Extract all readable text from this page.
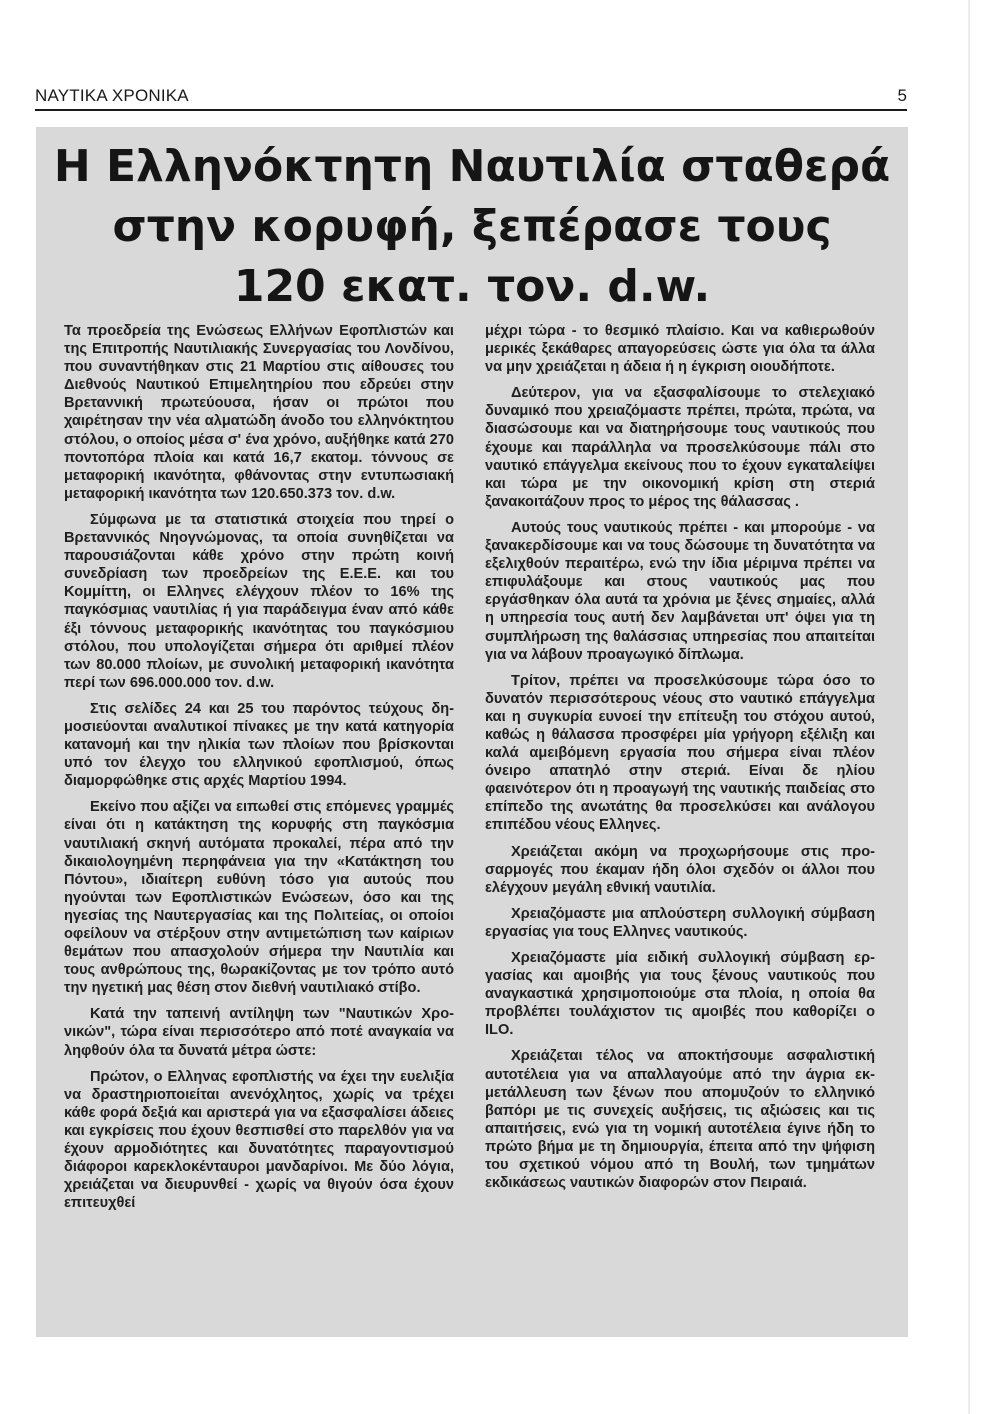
ΝΑΥΤΙΚΑ ΧΡΟΝΙΚΑ	5
Η Ελληνόκτητη Ναυτιλία σταθερά
στην κορυφή, ξεπέρασε τους
120 εκατ. τον. d.w.

Τα προεδρεία της Ενώσεως Ελλήνων Εφοπλιστών και της Επιτροπής Ναυτιλιακής Συνεργασίας του Λονδίνου, που συναντήθηκαν στις 21 Μαρτίου στις αίθουσες του Διεθνούς Ναυτικού Επιμελητηρίου που εδρεύει στην Βρεταννική πρωτεύουσα, ήσαν οι πρώτοι που χαιρέτησαν την νέα αλματώδη άνοδο του ελληνόκτητου στόλου, ο οποίος μέσα σ' ένα χρόνο, αυξήθηκε κατά 270 ποντοπόρα πλοία και κατά 16,7 εκατομ. τόννους σε μεταφορική ικανότητα, φθάνοντας στην εντυπωσιακή μεταφορική ικανότητα των 120.650.373 τον. d.w.

Σύμφωνα με τα στατιστικά στοιχεία που τηρεί ο Βρεταννικός Νηογνώμονας, τα οποία συνηθίζεται να παρουσιάζονται κάθε χρόνο στην πρώτη κοινή συνεδρίαση των προεδρείων της Ε.Ε.Ε. και του Κομμίττη, οι Ελληνες ελέγχουν πλέον το 16% της παγκόσμιας ναυτιλίας ή για παράδειγμα έναν από κάθε έξι τόννους μεταφορικής ικανότητας του παγκόσμιου στόλου, που υπολογίζεται σήμερα ότι αριθμεί πλέον των 80.000 πλοίων, με συνολική μεταφορική ικανότητα περί των 696.000.000 τον. d.w.

Στις σελίδες 24 και 25 του παρόντος τεύχους δημοσιεύονται αναλυτικοί πίνακες με την κατά κατηγορία κατανομή και την ηλικία των πλοίων που βρίσκονται υπό τον έλεγχο του ελληνικού εφοπλισμού, όπως διαμορφώθηκε στις αρχές Μαρτίου 1994.

Εκείνο που αξίζει να ειπωθεί στις επόμενες γραμμές είναι ότι η κατάκτηση της κορυφής στη παγκόσμια ναυτιλιακή σκηνή αυτόματα προκαλεί, πέρα από την δικαιολογημένη περηφάνεια για την «Κατάκτηση του Πόντου», ιδιαίτερη ευθύνη τόσο για αυτούς που ηγούνται των Εφοπλιστικών Ενώσεων, όσο και της ηγεσίας της Ναυτεργασίας και της Πολιτείας, οι οποίοι οφείλουν να στέρξουν στην αντιμετώπιση των καίριων θεμάτων που απασχολούν σήμερα την Ναυτιλία και τους ανθρώπους της, θωρακίζοντας με τον τρόπο αυτό την ηγετική μας θέση στον διεθνή ναυτιλιακό στίβο.

Κατά την ταπεινή αντίληψη των "Ναυτικών Χρονικών", τώρα είναι περισσότερο από ποτέ αναγκαία να ληφθούν όλα τα δυνατά μέτρα ώστε:

Πρώτον, ο Ελληνας εφοπλιστής να έχει την ευελιξία να δραστηριοποιείται ανενόχλητος, χωρίς να τρέχει κάθε φορά δεξιά και αριστερά για να εξασφαλίσει άδειες και εγκρίσεις που έχουν θεσπισθεί στο παρελθόν για να έχουν αρμοδιότητες και δυνατότητες παραγοντισμού διάφοροι καρεκλοκένταυροι μανδαρίνοι. Με δύο λόγια, χρειάζεται να διευρυνθεί - χωρίς να θιγούν όσα έχουν επιτευχθεί

μέχρι τώρα - το θεσμικό πλαίσιο. Και να καθιερωθούν μερικές ξεκάθαρες απαγορεύσεις ώστε για όλα τα άλλα να μην χρειάζεται η άδεια ή η έγκριση οιουδήποτε.

Δεύτερον, για να εξασφαλίσουμε το στελεχιακό δυναμικό που χρειαζόμαστε πρέπει, πρώτα, πρώτα, να διασώσουμε και να διατηρήσουμε τους ναυτικούς που έχουμε και παράλληλα να προσελκύσουμε πάλι στο ναυτικό επάγγελμα εκείνους που το έχουν εγκαταλείψει και τώρα με την οικονομική κρίση στη στεριά ξανακοιτάζουν προς το μέρος της θάλασσας .

Αυτούς τους ναυτικούς πρέπει - και μπορούμε - να ξανακερδίσουμε και να τους δώσουμε τη δυνατότητα να εξελιχθούν περαιτέρω, ενώ την ίδια μέριμνα πρέπει να επιφυλάξουμε και στους ναυτικούς μας που εργάσθηκαν όλα αυτά τα χρόνια με ξένες σημαίες, αλλά η υπηρεσία τους αυτή δεν λαμβάνεται υπ' όψει για τη συμπλήρωση της θαλάσσιας υπηρεσίας που απαιτείται για να λάβουν προαγωγικό δίπλωμα.

Τρίτον, πρέπει να προσελκύσουμε τώρα όσο το δυνατόν περισσότερους νέους στο ναυτικό επάγγελμα και η συγκυρία ευνοεί την επίτευξη του στόχου αυτού, καθώς η θάλασσα προσφέρει μία γρήγορη εξέλιξη και καλά αμειβόμενη εργασία που σήμερα είναι πλέον όνειρο απατηλό στην στεριά. Είναι δε ηλίου φαεινότερον ότι η προαγωγή της ναυτικής παιδείας στο επίπεδο της ανωτάτης θα προσελκύσει και ανάλογου επιπέδου νέους Ελληνες.

Χρειάζεται ακόμη να προχωρήσουμε στις προσαρμογές που έκαμαν ήδη όλοι σχεδόν οι άλλοι που ελέγχουν μεγάλη εθνική ναυτιλία.

Χρειαζόμαστε μια απλούστερη συλλογική σύμβαση εργασίας για τους Ελληνες ναυτικούς.

Χρειαζόμαστε μία ειδική συλλογική σύμβαση εργασίας και αμοιβής για τους ξένους ναυτικούς που αναγκαστικά χρησιμοποιούμε στα πλοία, η οποία θα προβλέπει τουλάχιστον τις αμοιβές που καθορίζει ο ILO.

Χρειάζεται τέλος να αποκτήσουμε ασφαλιστική αυτοτέλεια για να απαλλαγούμε από την άγρια εκμετάλλευση των ξένων που απομυζούν το ελληνικό βαπόρι με τις συνεχείς αυξήσεις, τις αξιώσεις και τις απαιτήσεις, ενώ για τη νομική αυτοτέλεια έγινε ήδη το πρώτο βήμα με τη δημιουργία, έπειτα από την ψήφιση του σχετικού νόμου από τη Βουλή, των τμημάτων εκδικάσεως ναυτικών διαφορών στον Πειραιά.
